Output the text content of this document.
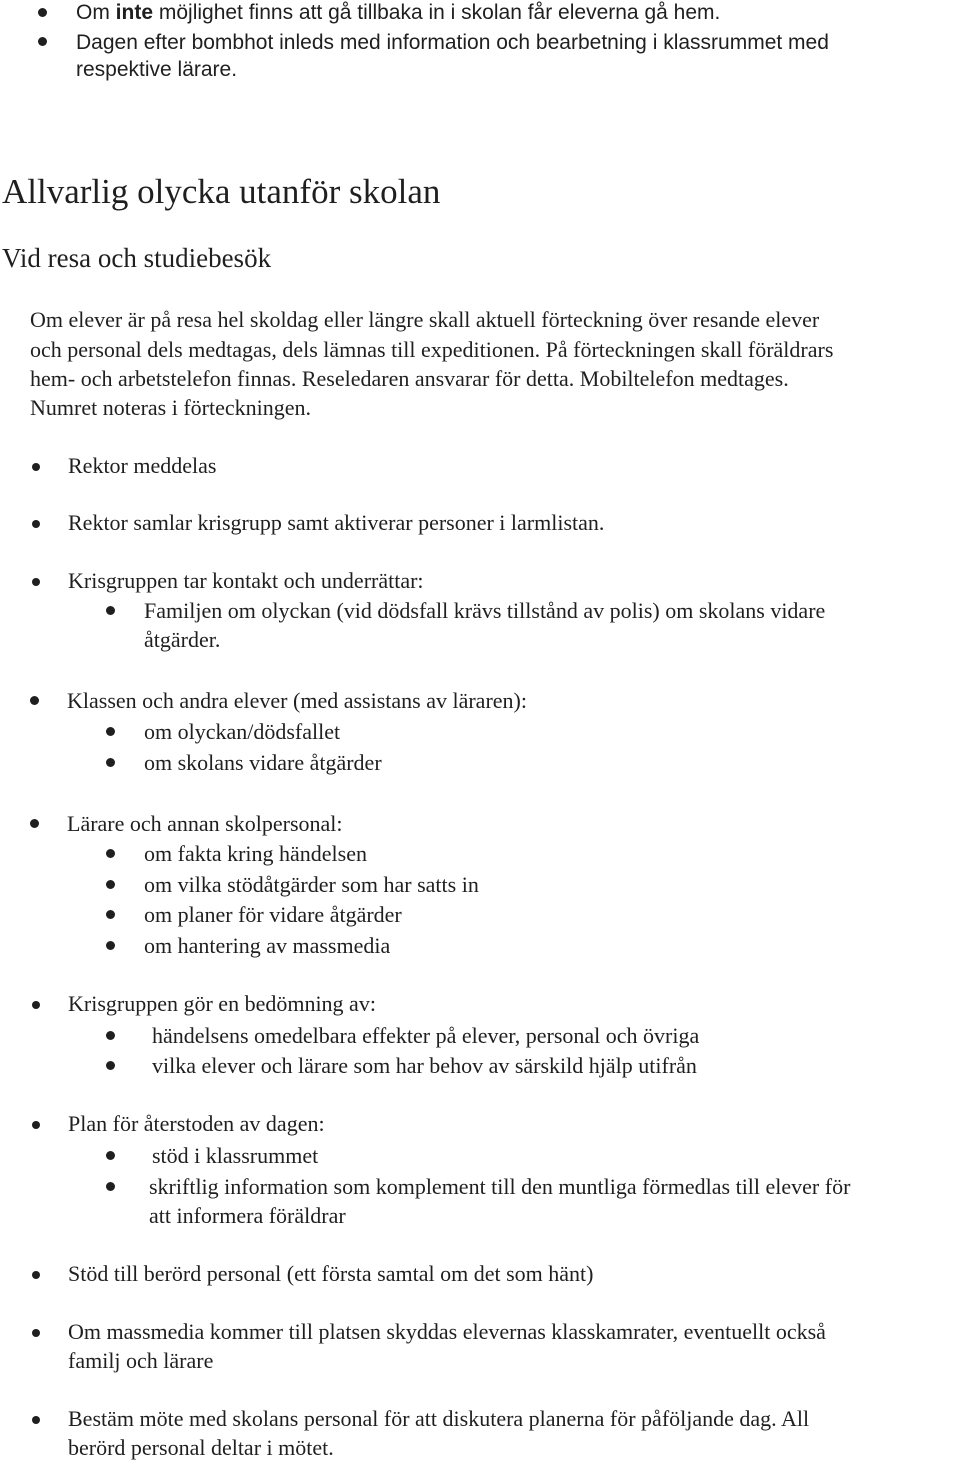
Om inte möjlighet finns att gå tillbaka in i skolan får eleverna gå hem.
Dagen efter bombhot inleds med information och bearbetning i klassrummet med
respektive lärare.
Allvarlig olycka utanför skolan
Vid resa och studiebesök
Om elever är på resa hel skoldag eller längre skall aktuell förteckning över resande elever
och personal dels medtagas, dels lämnas till expeditionen. På förteckningen skall föräldrars
hem- och arbetstelefon finnas. Reseledaren ansvarar för detta. Mobiltelefon medtages.
Numret noteras i förteckningen.
Rektor meddelas
Rektor samlar krisgrupp samt aktiverar personer i larmlistan.
Krisgruppen tar kontakt och underrättar:
Familjen om olyckan (vid dödsfall krävs tillstånd av polis) om skolans vidare
åtgärder.
Klassen och andra elever (med assistans av läraren):
om olyckan/dödsfallet
om skolans vidare åtgärder
Lärare och annan skolpersonal:
om fakta kring händelsen
om vilka stödåtgärder som har satts in
om planer för vidare åtgärder
om hantering av massmedia
Krisgruppen gör en bedömning av:
händelsens omedelbara effekter på elever, personal och övriga
vilka elever och lärare som har behov av särskild hjälp utifrån
Plan för återstoden av dagen:
stöd i klassrummet
skriftlig information som komplement till den muntliga förmedlas till elever för
att informera föräldrar
Stöd till berörd personal (ett första samtal om det som hänt)
Om massmedia kommer till platsen skyddas elevernas klasskamrater, eventuellt också
familj och lärare
Bestäm möte med skolans personal för att diskutera planerna för påföljande dag. All
berörd personal deltar i mötet.
